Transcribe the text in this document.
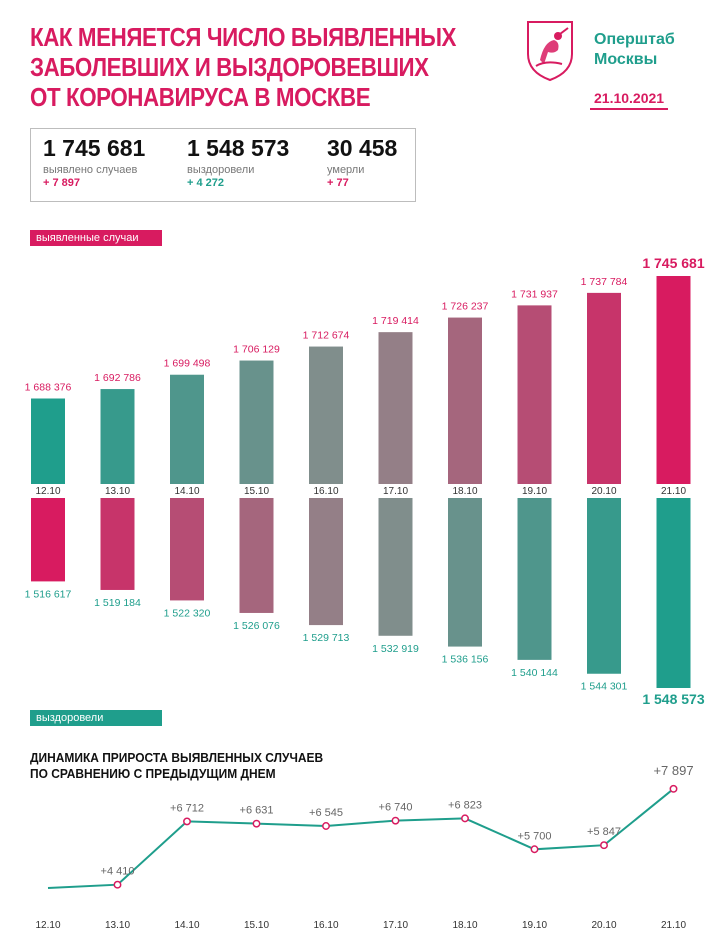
КАК МЕНЯЕТСЯ ЧИСЛО ВЫЯВЛЕННЫХ
ЗАБОЛЕВШИХ И ВЫЗДОРОВЕВШИХ
ОТ КОРОНАВИРУСА В МОСКВЕ
Оперштаб
Москвы
21.10.2021
1 745 681
выявлено случаев
+ 7 897
1 548 573
выздоровели
+ 4 272
30 458
умерли
+ 77
выявленные случаи
1 688 376
12.10
1 516 617
1 692 786
13.10
1 519 184
1 699 498
14.10
1 522 320
1 706 129
15.10
1 526 076
1 712 674
16.10
1 529 713
1 719 414
17.10
1 532 919
1 726 237
18.10
1 536 156
1 731 937
19.10
1 540 144
1 737 784
20.10
1 544 301
1 745 681
21.10
1 548 573
выздоровели
ДИНАМИКА ПРИРОСТА ВЫЯВЛЕННЫХ СЛУЧАЕВ
ПО СРАВНЕНИЮ С ПРЕДЫДУЩИМ ДНЕМ
12.10
+4 410
13.10
+6 712
14.10
+6 631
15.10
+6 545
16.10
+6 740
17.10
+6 823
18.10
+5 700
19.10
+5 847
20.10
+7 897
21.10
